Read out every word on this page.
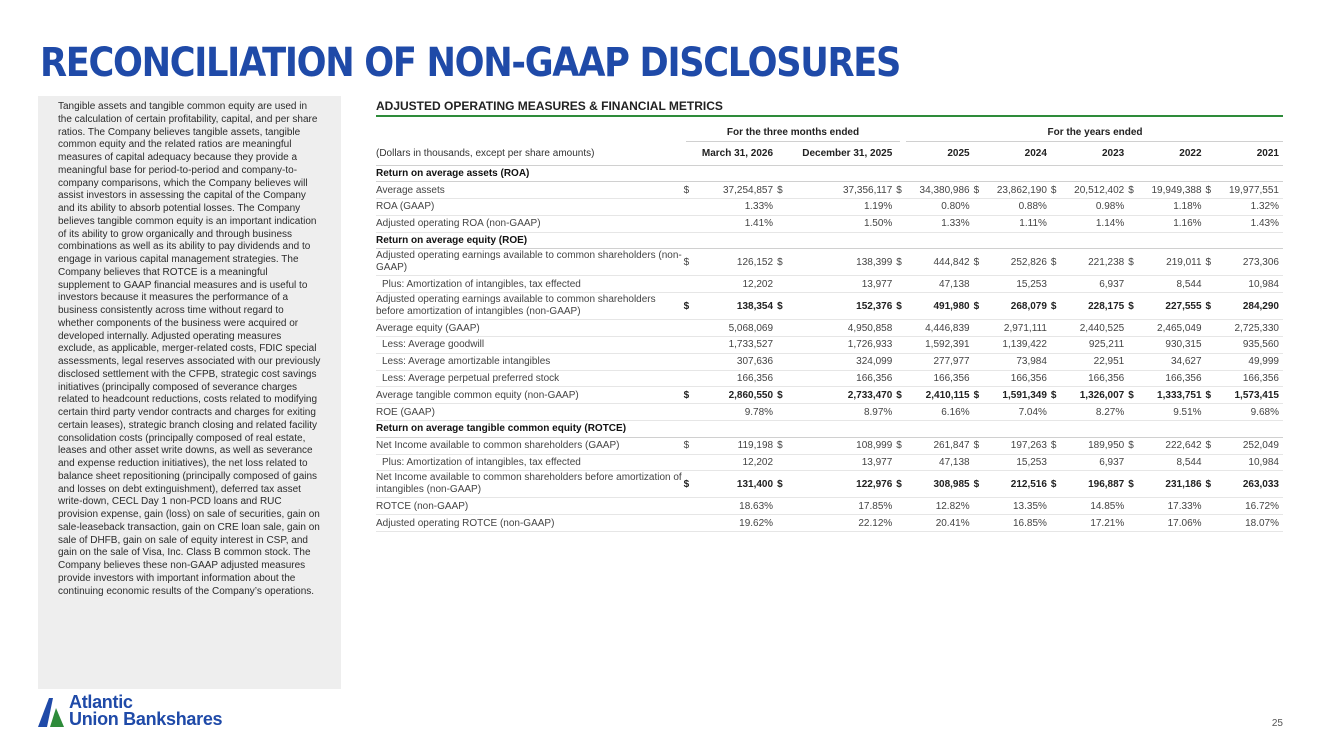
RECONCILIATION OF NON-GAAP DISCLOSURES

Tangible assets and tangible common equity are used in the calculation of certain profitability, capital, and per share ratios. The Company believes tangible assets, tangible common equity and the related ratios are meaningful measures of capital adequacy because they provide a meaningful base for period-to-period and company-to-company comparisons, which the Company believes will assist investors in assessing the capital of the Company and its ability to absorb potential losses. The Company believes tangible common equity is an important indication of its ability to grow organically and through business combinations as well as its ability to pay dividends and to engage in various capital management strategies. The Company believes that ROTCE is a meaningful supplement to GAAP financial measures and is useful to investors because it measures the performance of a business consistently across time without regard to whether components of the business were acquired or developed internally. Adjusted operating measures exclude, as applicable, merger-related costs, FDIC special assessments, legal reserves associated with our previously disclosed settlement with the CFPB, strategic cost savings initiatives (principally composed of severance charges related to headcount reductions, costs related to modifying certain third party vendor contracts and charges for exiting certain leases), strategic branch closing and related facility consolidation costs (principally composed of real estate, leases and other asset write downs, as well as severance and expense reduction initiatives), the net loss related to balance sheet repositioning (principally composed of gains and losses on debt extinguishment), deferred tax asset write-down, CECL Day 1 non-PCD loans and RUC provision expense, gain (loss) on sale of securities, gain on sale-leaseback transaction, gain on CRE loan sale, gain on sale of DHFB, gain on sale of equity interest in CSP, and gain on the sale of Visa, Inc. Class B common stock. The Company believes these non-GAAP adjusted measures provide investors with important information about the continuing economic results of the Company’s operations.

ADJUSTED OPERATING MEASURES & FINANCIAL METRICS
For the three months ended	For the years ended
(Dollars in thousands, except per share amounts)		March 31, 2026		December 31, 2025		2025		2024		2023		2022		2021
Return on average assets (ROA)														
Average assets	$	37,254,857	$	37,356,117	$	34,380,986	$	23,862,190	$	20,512,402	$	19,949,388	$	19,977,551
ROA (GAAP)		1.33%		1.19%		0.80%		0.88%		0.98%		1.18%		1.32%
Adjusted operating ROA (non-GAAP)		1.41%		1.50%		1.33%		1.11%		1.14%		1.16%		1.43%
Return on average equity (ROE)														
Adjusted operating earnings available to common shareholders (non-GAAP)	$	126,152	$	138,399	$	444,842	$	252,826	$	221,238	$	219,011	$	273,306
Plus: Amortization of intangibles, tax effected		12,202		13,977		47,138		15,253		6,937		8,544		10,984
Adjusted operating earnings available to common shareholders before amortization of intangibles (non-GAAP)	$	138,354	$	152,376	$	491,980	$	268,079	$	228,175	$	227,555	$	284,290
Average equity (GAAP)		5,068,069		4,950,858		4,446,839		2,971,111		2,440,525		2,465,049		2,725,330
Less: Average goodwill		1,733,527		1,726,933		1,592,391		1,139,422		925,211		930,315		935,560
Less: Average amortizable intangibles		307,636		324,099		277,977		73,984		22,951		34,627		49,999
Less: Average perpetual preferred stock		166,356		166,356		166,356		166,356		166,356		166,356		166,356
Average tangible common equity (non-GAAP)	$	2,860,550	$	2,733,470	$	2,410,115	$	1,591,349	$	1,326,007	$	1,333,751	$	1,573,415
ROE (GAAP)		9.78%		8.97%		6.16%		7.04%		8.27%		9.51%		9.68%
Return on average tangible common equity (ROTCE)														
Net Income available to common shareholders (GAAP)	$	119,198	$	108,999	$	261,847	$	197,263	$	189,950	$	222,642	$	252,049
Plus: Amortization of intangibles, tax effected		12,202		13,977		47,138		15,253		6,937		8,544		10,984
Net Income available to common shareholders before amortization of intangibles (non-GAAP)	$	131,400	$	122,976	$	308,985	$	212,516	$	196,887	$	231,186	$	263,033
ROTCE (non-GAAP)		18.63%		17.85%		12.82%		13.35%		14.85%		17.33%		16.72%
Adjusted operating ROTCE (non-GAAP)		19.62%		22.12%		20.41%		16.85%		17.21%		17.06%		18.07%
Atlantic
Union Bankshares	25
